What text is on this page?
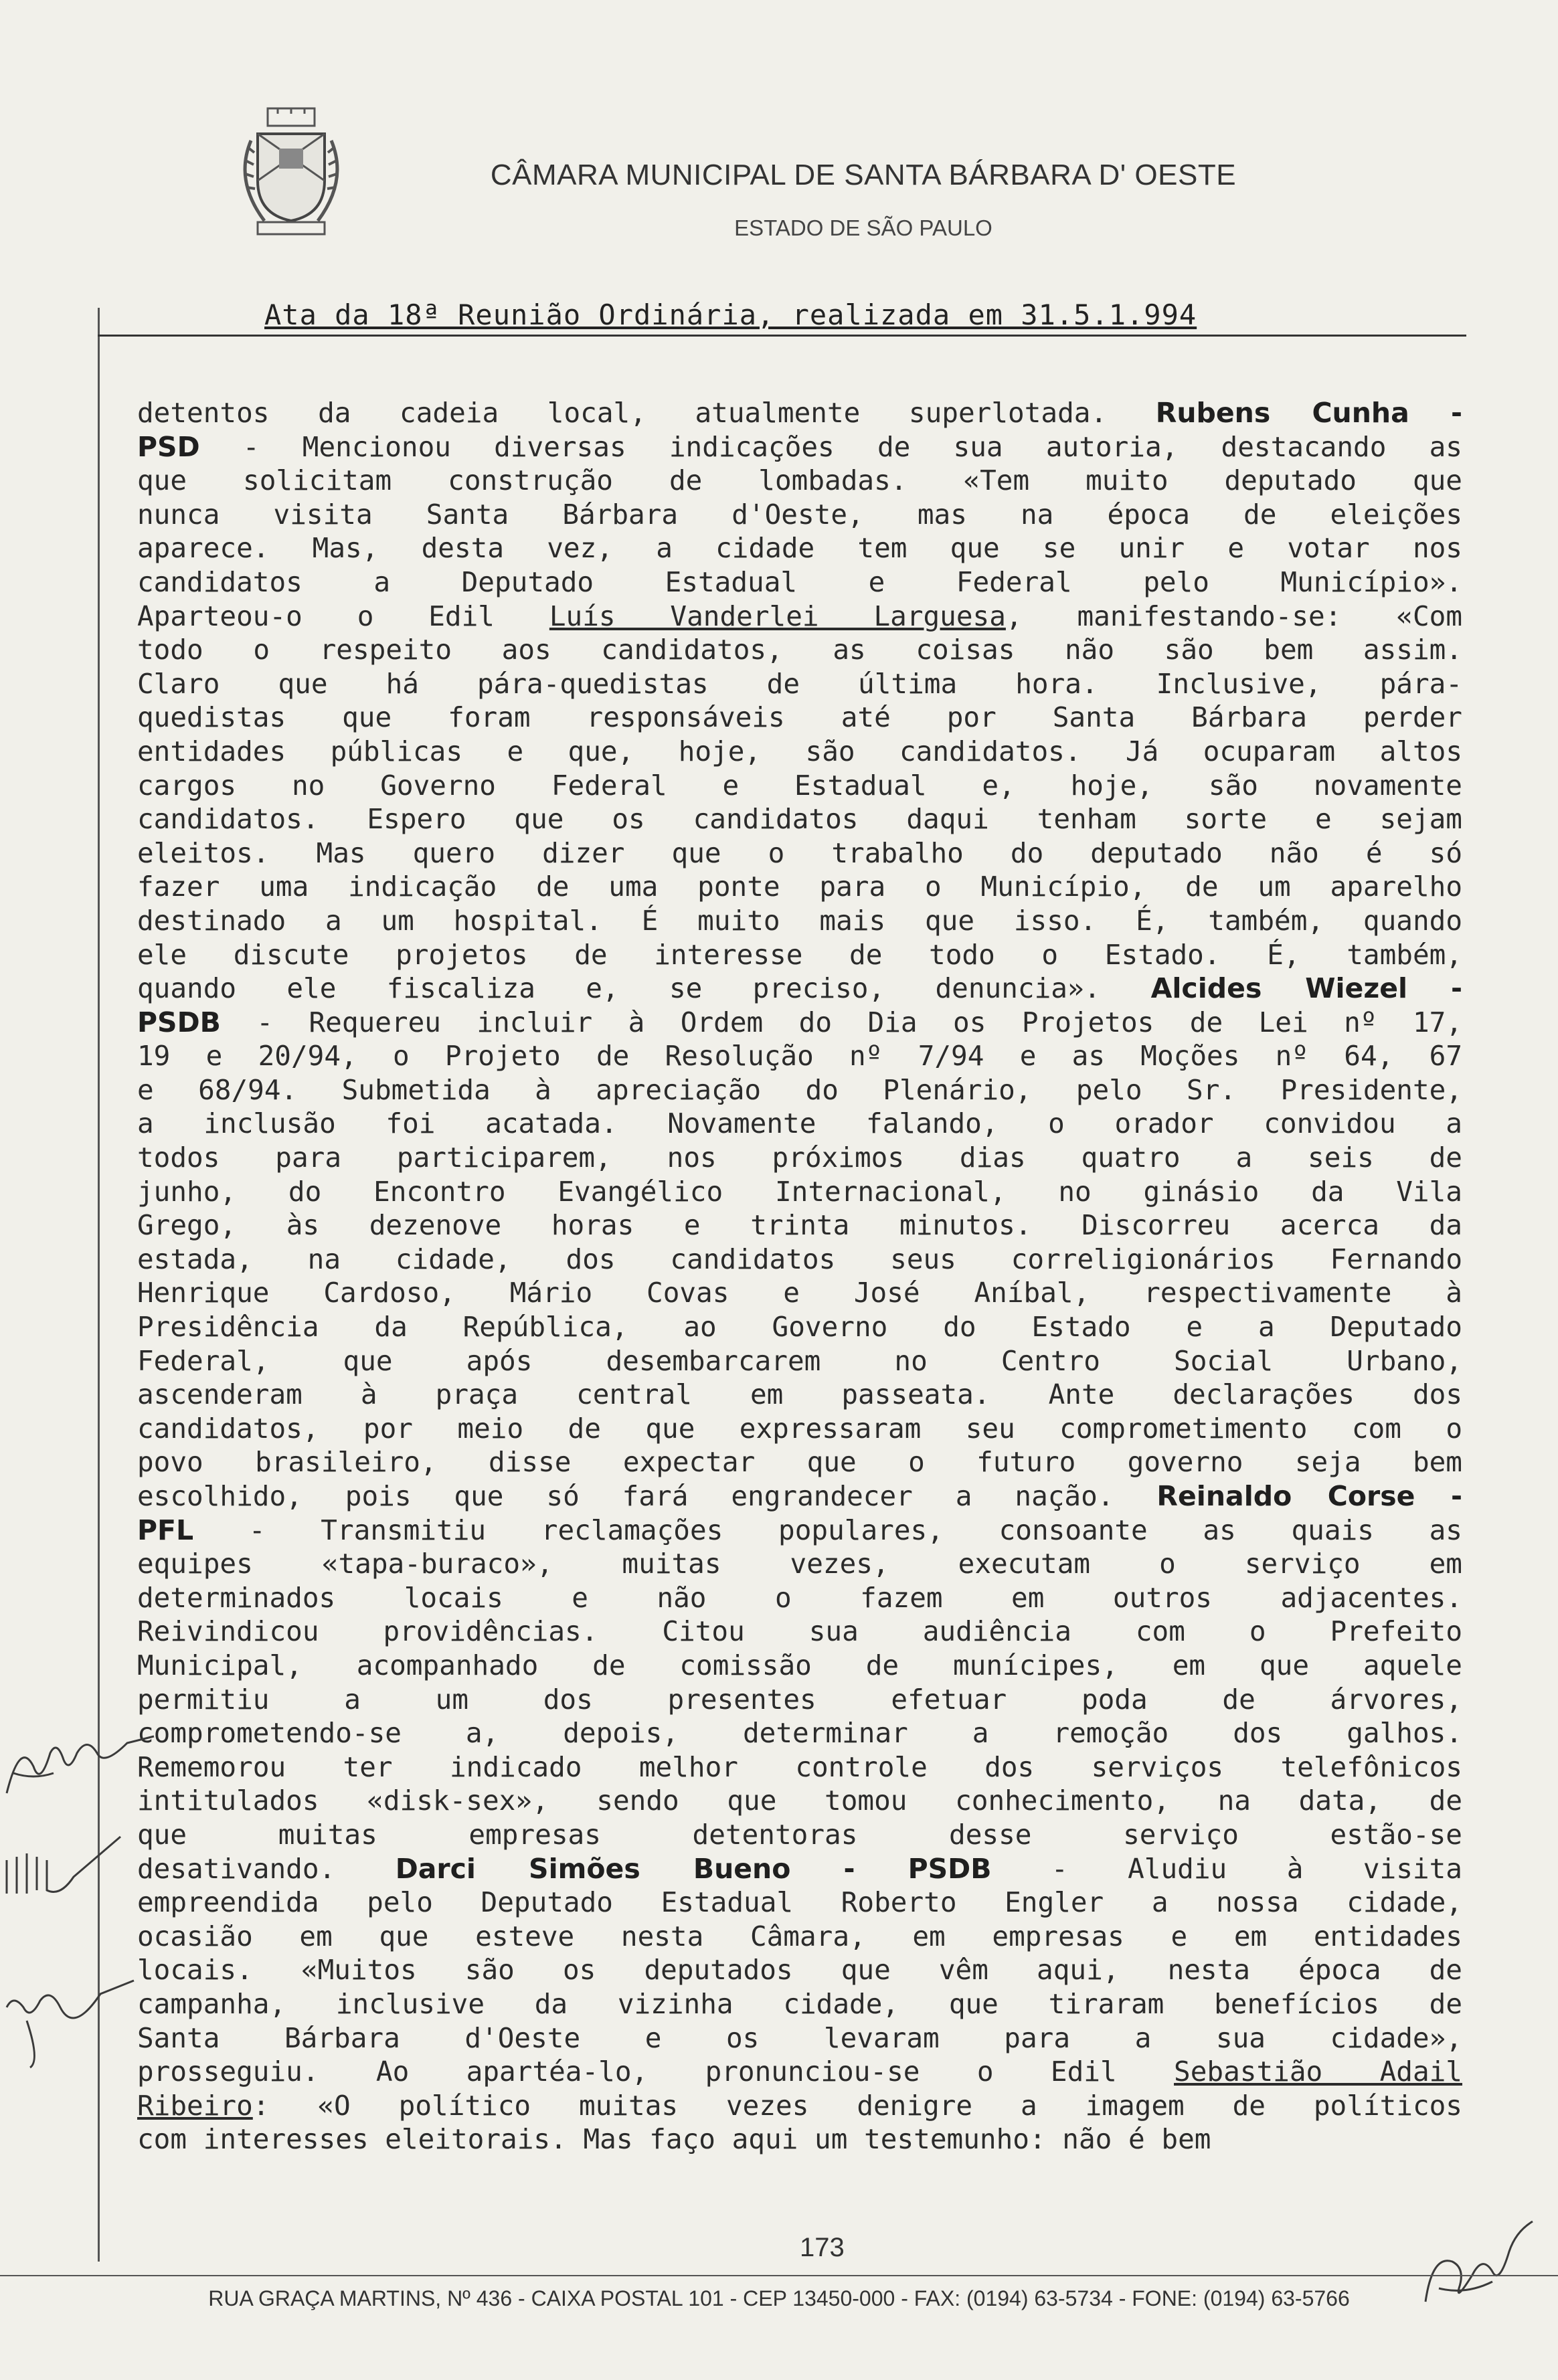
CÂMARA MUNICIPAL DE SANTA BÁRBARA D' OESTE
ESTADO DE SÃO PAULO
Ata da 18ª Reunião Ordinária, realizada em 31.5.1.994
detentos da cadeia local, atualmente superlotada. Rubens Cunha -
PSD - Mencionou diversas indicações de sua autoria, destacando as
que solicitam construção de lombadas. «Tem muito deputado que
nunca visita Santa Bárbara d'Oeste, mas na época de eleições
aparece. Mas, desta vez, a cidade tem que se unir e votar nos
candidatos a Deputado Estadual e Federal pelo Município».
Aparteou-o o Edil Luís Vanderlei Larguesa, manifestando-se: «Com
todo o respeito aos candidatos, as coisas não são bem assim.
Claro que há pára-quedistas de última hora. Inclusive, pára-
quedistas que foram responsáveis até por Santa Bárbara perder
entidades públicas e que, hoje, são candidatos. Já ocuparam altos
cargos no Governo Federal e Estadual e, hoje, são novamente
candidatos. Espero que os candidatos daqui tenham sorte e sejam
eleitos. Mas quero dizer que o trabalho do deputado não é só
fazer uma indicação de uma ponte para o Município, de um aparelho
destinado a um hospital. É muito mais que isso. É, também, quando
ele discute projetos de interesse de todo o Estado. É, também,
quando ele fiscaliza e, se preciso, denuncia». Alcides Wiezel -
PSDB - Requereu incluir à Ordem do Dia os Projetos de Lei nº 17,
19 e 20/94, o Projeto de Resolução nº 7/94 e as Moções nº 64, 67
e 68/94. Submetida à apreciação do Plenário, pelo Sr. Presidente,
a inclusão foi acatada. Novamente falando, o orador convidou a
todos para participarem, nos próximos dias quatro a seis de
junho, do Encontro Evangélico Internacional, no ginásio da Vila
Grego, às dezenove horas e trinta minutos. Discorreu acerca da
estada, na cidade, dos candidatos seus correligionários Fernando
Henrique Cardoso, Mário Covas e José Aníbal, respectivamente à
Presidência da República, ao Governo do Estado e a Deputado
Federal, que após desembarcarem no Centro Social Urbano,
ascenderam à praça central em passeata. Ante declarações dos
candidatos, por meio de que expressaram seu comprometimento com o
povo brasileiro, disse expectar que o futuro governo seja bem
escolhido, pois que só fará engrandecer a nação. Reinaldo Corse -
PFL - Transmitiu reclamações populares, consoante as quais as
equipes «tapa-buraco», muitas vezes, executam o serviço em
determinados locais e não o fazem em outros adjacentes.
Reivindicou providências. Citou sua audiência com o Prefeito
Municipal, acompanhado de comissão de munícipes, em que aquele
permitiu a um dos presentes efetuar poda de árvores,
comprometendo-se a, depois, determinar a remoção dos galhos.
Rememorou ter indicado melhor controle dos serviços telefônicos
intitulados «disk-sex», sendo que tomou conhecimento, na data, de
que muitas empresas detentoras desse serviço estão-se
desativando. Darci Simões Bueno - PSDB - Aludiu à visita
empreendida pelo Deputado Estadual Roberto Engler a nossa cidade,
ocasião em que esteve nesta Câmara, em empresas e em entidades
locais. «Muitos são os deputados que vêm aqui, nesta época de
campanha, inclusive da vizinha cidade, que tiraram benefícios de
Santa Bárbara d'Oeste e os levaram para a sua cidade»,
prosseguiu. Ao apartéa-lo, pronunciou-se o Edil Sebastião Adail
Ribeiro: «O político muitas vezes denigre a imagem de políticos
com interesses eleitorais. Mas faço aqui um testemunho: não é bem
173
RUA GRAÇA MARTINS, Nº 436 - CAIXA POSTAL 101 - CEP 13450-000 - FAX: (0194) 63-5734 - FONE: (0194) 63-5766
